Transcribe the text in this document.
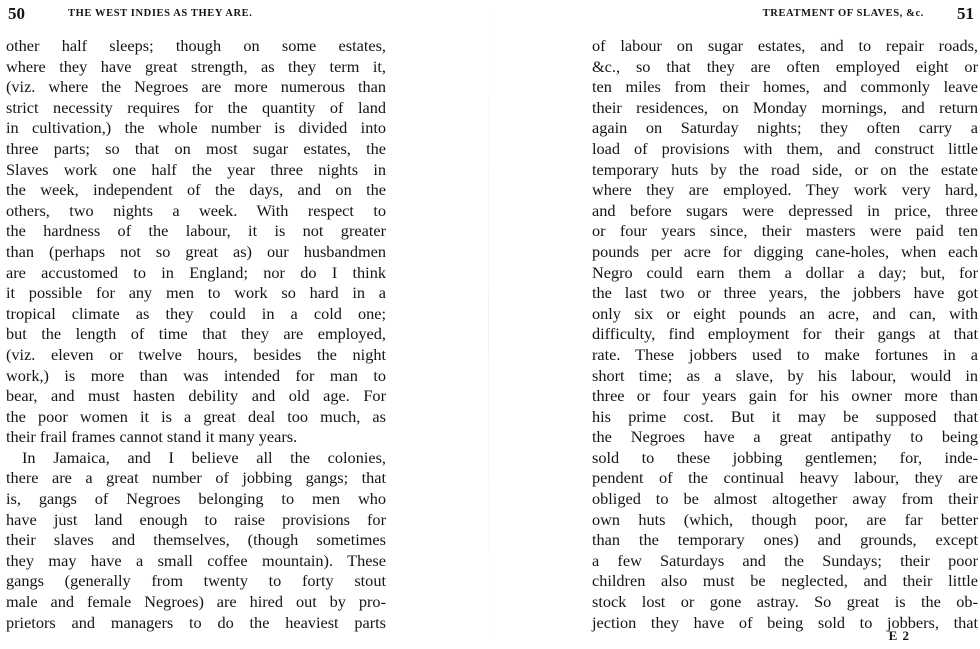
50	THE WEST INDIES AS THEY ARE.
other half sleeps; though on some estates,
where they have great strength, as they term it,
(viz. where the Negroes are more numerous than
strict necessity requires for the quantity of land
in cultivation,) the whole number is divided into
three parts; so that on most sugar estates, the
Slaves work one half the year three nights in
the week, independent of the days, and on the
others, two nights a week. With respect to
the hardness of the labour, it is not greater
than (perhaps not so great as) our husbandmen
are accustomed to in England; nor do I think
it possible for any men to work so hard in a
tropical climate as they could in a cold one;
but the length of time that they are employed,
(viz. eleven or twelve hours, besides the night
work,) is more than was intended for man to
bear, and must hasten debility and old age. For
the poor women it is a great deal too much, as
their frail frames cannot stand it many years.
In Jamaica, and I believe all the colonies,
there are a great number of jobbing gangs; that
is, gangs of Negroes belonging to men who
have just land enough to raise provisions for
their slaves and themselves, (though sometimes
they may have a small coffee mountain). These
gangs (generally from twenty to forty stout
male and female Negroes) are hired out by pro-
prietors and managers to do the heaviest parts
TREATMENT OF SLAVES, &c. 51
of labour on sugar estates, and to repair roads,
&c., so that they are often employed eight or
ten miles from their homes, and commonly leave
their residences, on Monday mornings, and return
again on Saturday nights; they often carry a
load of provisions with them, and construct little
temporary huts by the road side, or on the estate
where they are employed. They work very hard,
and before sugars were depressed in price, three
or four years since, their masters were paid ten
pounds per acre for digging cane-holes, when each
Negro could earn them a dollar a day; but, for
the last two or three years, the jobbers have got
only six or eight pounds an acre, and can, with
difficulty, find employment for their gangs at that
rate. These jobbers used to make fortunes in a
short time; as a slave, by his labour, would in
three or four years gain for his owner more than
his prime cost. But it may be supposed that
the Negroes have a great antipathy to being
sold to these jobbing gentlemen; for, inde-
pendent of the continual heavy labour, they are
obliged to be almost altogether away from their
own huts (which, though poor, are far better
than the temporary ones) and grounds, except
a few Saturdays and the Sundays; their poor
children also must be neglected, and their little
stock lost or gone astray. So great is the ob-
jection they have of being sold to jobbers, that
E 2
